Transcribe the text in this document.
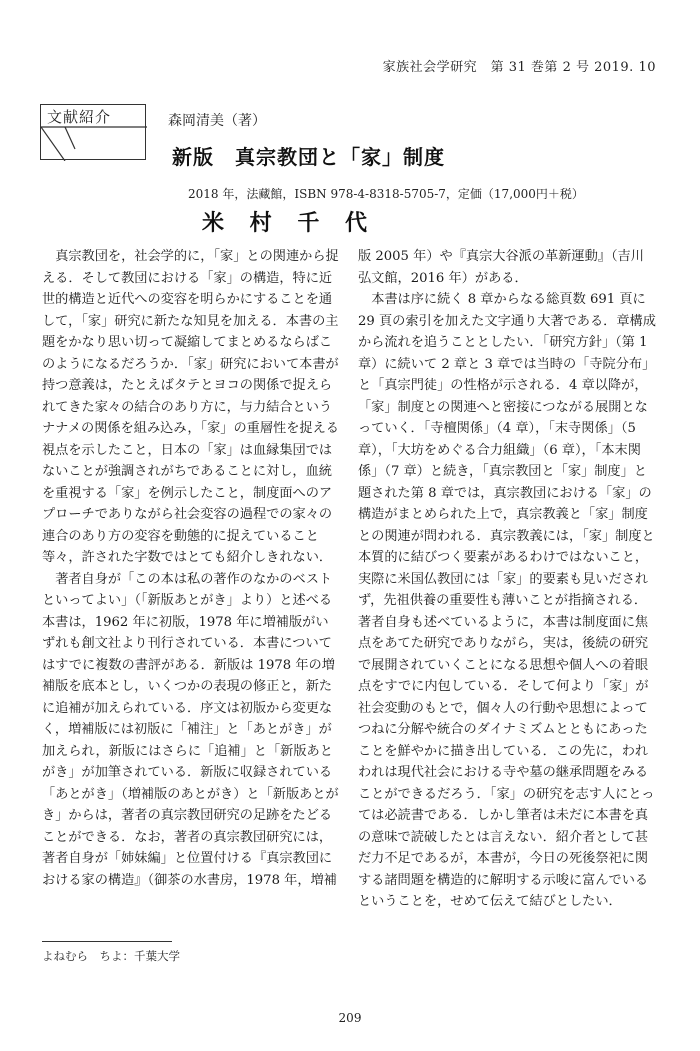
家族社会学研究　第 31 巻第 2 号 2019. 10
文献紹介	森岡清美（著）
新版　真宗教団と「家」制度
2018 年，法藏館，ISBN 978-4-8318-5705-7，定価（17,000円＋税）
米 村 千 代

真宗教団を，社会学的に，「家」との関連から捉える．そして教団における「家」の構造，特に近世的構造と近代への変容を明らかにすることを通して，「家」研究に新たな知見を加える．本書の主題をかなり思い切って凝縮してまとめるならばこのようになるだろうか．「家」研究において本書が持つ意義は，たとえばタテとヨコの関係で捉えられてきた家々の結合のあり方に，与力結合というナナメの関係を組み込み，「家」の重層性を捉える視点を示したこと，日本の「家」は血縁集団ではないことが強調されがちであることに対し，血統を重視する「家」を例示したこと，制度面へのアプローチでありながら社会変容の過程での家々の連合のあり方の変容を動態的に捉えていること等々，許された字数ではとても紹介しきれない．

著者自身が「この本は私の著作のなかのベストといってよい」（「新版あとがき」より）と述べる本書は，1962 年に初版，1978 年に増補版がいずれも創文社より刊行されている．本書についてはすでに複数の書評がある．新版は 1978 年の増補版を底本とし，いくつかの表現の修正と，新たに追補が加えられている．序文は初版から変更なく，増補版には初版に「補注」と「あとがき」が加えられ，新版にはさらに「追補」と「新版あとがき」が加筆されている．新版に収録されている「あとがき」（増補版のあとがき）と「新版あとがき」からは，著者の真宗教団研究の足跡をたどることができる．なお，著者の真宗教団研究には，著者自身が「姉妹編」と位置付ける『真宗教団における家の構造』（御茶の水書房，1978 年，増補

版 2005 年）や『真宗大谷派の革新運動』（吉川弘文館，2016 年）がある．

本書は序に続く 8 章からなる総頁数 691 頁に 29 頁の索引を加えた文字通り大著である．章構成から流れを追うこととしたい．「研究方針」（第 1 章）に続いて 2 章と 3 章では当時の「寺院分布」と「真宗門徒」の性格が示される．4 章以降が，「家」制度との関連へと密接につながる展開となっていく．「寺檀関係」（4 章），「末寺関係」（5 章），「大坊をめぐる合力組織」（6 章），「本末関係」（7 章）と続き，「真宗教団と「家」制度」と題された第 8 章では，真宗教団における「家」の構造がまとめられた上で，真宗教義と「家」制度との関連が問われる．真宗教義には，「家」制度と本質的に結びつく要素があるわけではないこと，実際に米国仏教団には「家」的要素も見いだされず，先祖供養の重要性も薄いことが指摘される．著者自身も述べているように，本書は制度面に焦点をあてた研究でありながら，実は，後続の研究で展開されていくことになる思想や個人への着眼点をすでに内包している．そして何より「家」が社会変動のもとで，個々人の行動や思想によってつねに分解や統合のダイナミズムとともにあったことを鮮やかに描き出している．この先に，われわれは現代社会における寺や墓の継承問題をみることができるだろう．「家」の研究を志す人にとっては必読書である．しかし筆者は未だに本書を真の意味で読破したとは言えない．紹介者として甚だ力不足であるが，本書が，今日の死後祭祀に関する諸問題を構造的に解明する示唆に富んでいるということを，せめて伝えて結びとしたい．

よねむら　ちよ：千葉大学
209
